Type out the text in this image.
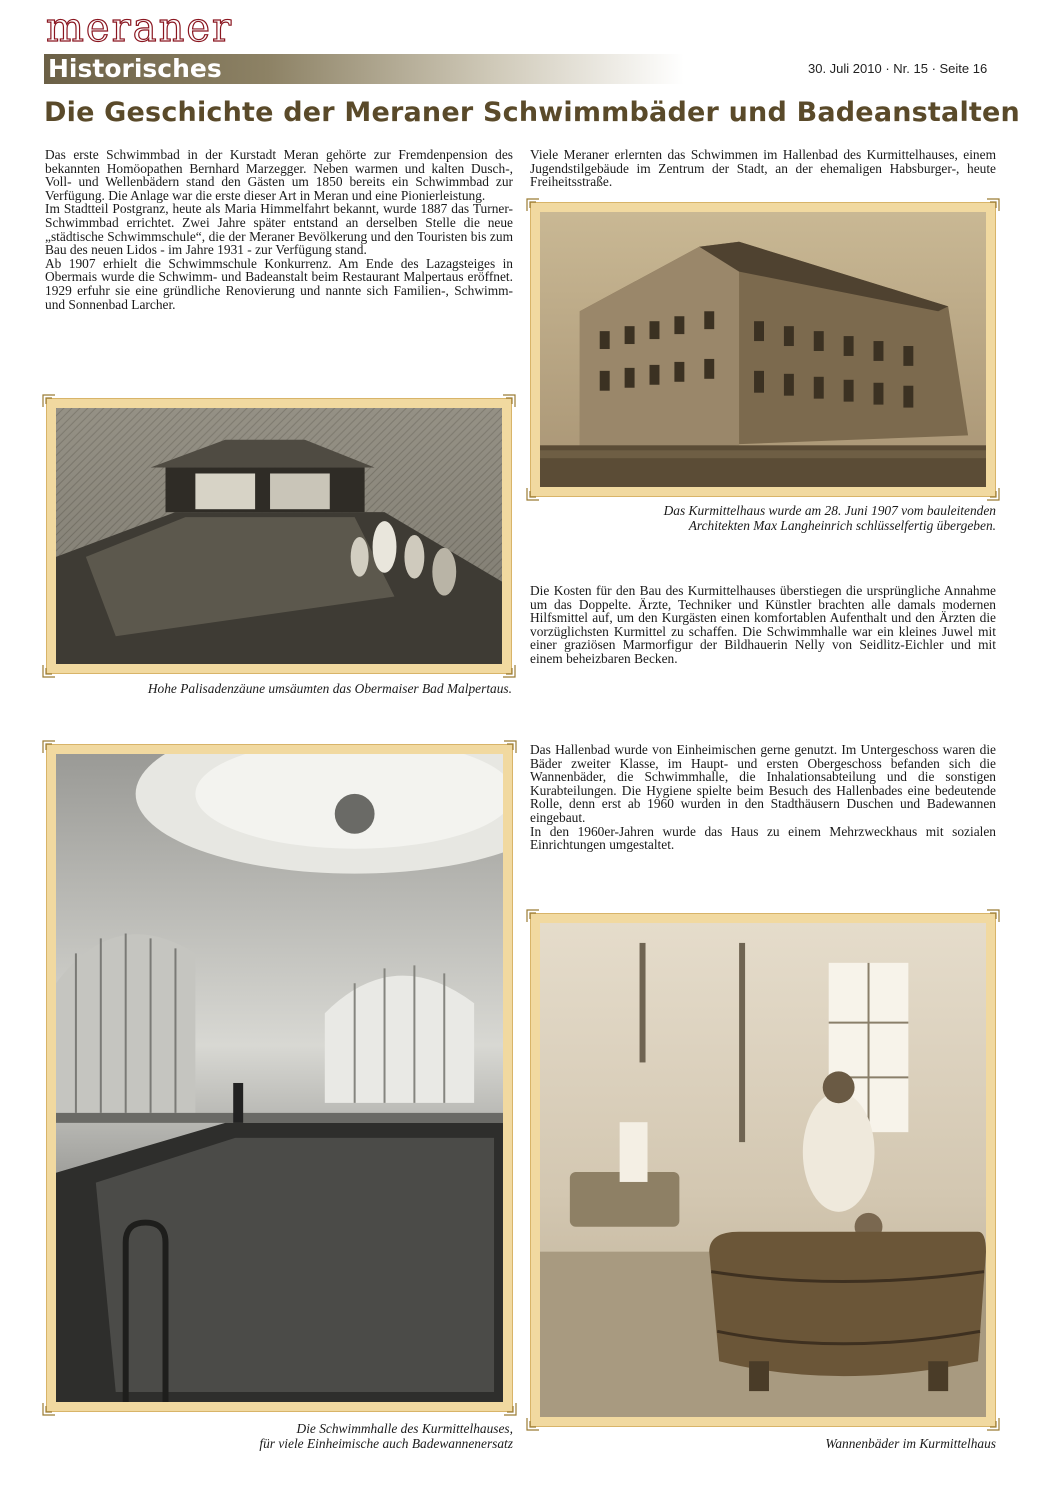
meraner
Historisches	30. Juli 2010 · Nr. 15 · Seite 16
Die Geschichte der Meraner Schwimmbäder und Badeanstalten

Das erste Schwimmbad in der Kurstadt Meran gehörte zur Fremdenpension des bekannten Homöopathen Bernhard Marzegger. Neben warmen und kalten Dusch-, Voll- und Wellenbädern stand den Gästen um 1850 bereits ein Schwimmbad zur Verfügung. Die Anlage war die erste dieser Art in Meran und eine Pionierleistung.

Im Stadtteil Postgranz, heute als Maria Himmelfahrt bekannt, wurde 1887 das Turner-Schwimmbad errichtet. Zwei Jahre später entstand an derselben Stelle die neue „städtische Schwimmschule“, die der Meraner Bevölkerung und den Touristen bis zum Bau des neuen Lidos - im Jahre 1931 - zur Verfügung stand.

Ab 1907 erhielt die Schwimmschule Konkurrenz. Am Ende des Lazagsteiges in Obermais wurde die Schwimm- und Badeanstalt beim Restaurant Malpertaus eröffnet. 1929 erfuhr sie eine gründliche Renovierung und nannte sich Familien-, Schwimm- und Sonnenbad Larcher.

Viele Meraner erlernten das Schwimmen im Hallenbad des Kurmittelhauses, einem Jugendstilgebäude im Zentrum der Stadt, an der ehemaligen Habsburger-, heute Freiheitsstraße.

Die Kosten für den Bau des Kurmittelhauses überstiegen die ursprüngliche Annahme um das Doppelte. Ärzte, Techniker und Künstler brachten alle damals modernen Hilfsmittel auf, um den Kurgästen einen komfortablen Aufenthalt und den Ärzten die vorzüglichsten Kurmittel zu schaffen. Die Schwimmhalle war ein kleines Juwel mit einer graziösen Marmorfigur der Bildhauerin Nelly von Seidlitz-Eichler und mit einem beheizbaren Becken.

Das Hallenbad wurde von Einheimischen gerne genutzt. Im Untergeschoss waren die Bäder zweiter Klasse, im Haupt- und ersten Obergeschoss befanden sich die Wannenbäder, die Schwimmhalle, die Inhalationsabteilung und die sonstigen Kurabteilungen. Die Hygiene spielte beim Besuch des Hallenbades eine bedeutende Rolle, denn erst ab 1960 wurden in den Stadthäusern Duschen und Badewannen eingebaut.

In den 1960er-Jahren wurde das Haus zu einem Mehrzweckhaus mit sozialen Einrichtungen umgestaltet.

Hohe Palisadenzäune umsäumten das Obermaiser Bad Malpertaus.

Das Kurmittelhaus wurde am 28. Juni 1907 vom bauleitenden
Architekten Max Langheinrich schlüsselfertig übergeben.
Die Schwimmhalle des Kurmittelhauses,
für viele Einheimische auch Badewannenersatz	Wannenbäder im Kurmittelhaus
